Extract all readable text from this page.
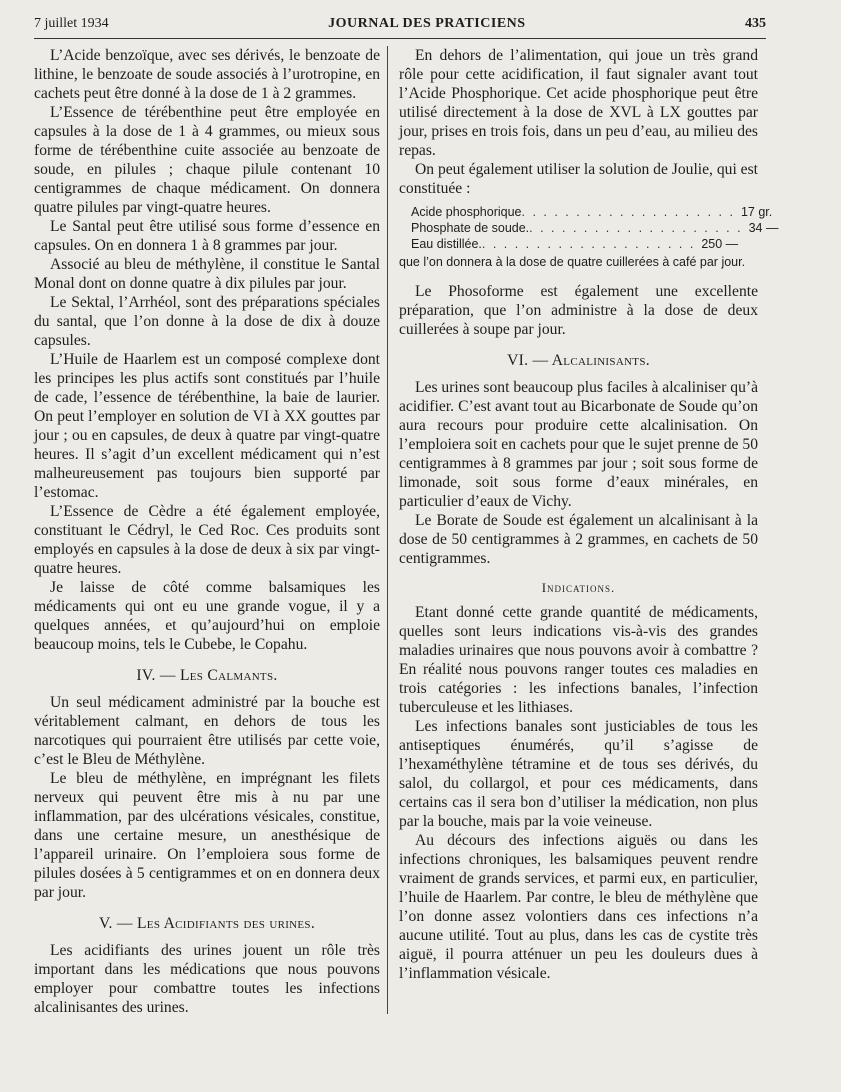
7 juillet 1934	JOURNAL DES PRATICIENS	435

L’Acide benzoïque, avec ses dérivés, le benzoate de lithine, le benzoate de soude associés à l’urotropine, en cachets peut être donné à la dose de 1 à 2 grammes.

L’Essence de térébenthine peut être employée en capsules à la dose de 1 à 4 grammes, ou mieux sous forme de térébenthine cuite associée au benzoate de soude, en pilules ; chaque pilule contenant 10 centigrammes de chaque médicament. On donnera quatre pilules par vingt-quatre heures.

Le Santal peut être utilisé sous forme d’essence en capsules. On en donnera 1 à 8 grammes par jour.

Associé au bleu de méthylène, il constitue le Santal Monal dont on donne quatre à dix pilules par jour.

Le Sektal, l’Arrhéol, sont des préparations spéciales du santal, que l’on donne à la dose de dix à douze capsules.

L’Huile de Haarlem est un composé complexe dont les principes les plus actifs sont constitués par l’huile de cade, l’essence de térébenthine, la baie de laurier. On peut l’employer en solution de VI à XX gouttes par jour ; ou en capsules, de deux à quatre par vingt-quatre heures. Il s’agit d’un excellent médicament qui n’est malheureusement pas toujours bien supporté par l’estomac.

L’Essence de Cèdre a été également employée, constituant le Cédryl, le Ced Roc. Ces produits sont employés en capsules à la dose de deux à six par vingt-quatre heures.

Je laisse de côté comme balsamiques les médicaments qui ont eu une grande vogue, il y a quelques années, et qu’aujourd’hui on emploie beaucoup moins, tels le Cubebe, le Copahu.

IV. — Les Calmants.

Un seul médicament administré par la bouche est véritablement calmant, en dehors de tous les narcotiques qui pourraient être utilisés par cette voie, c’est le Bleu de Méthylène.

Le bleu de méthylène, en imprégnant les filets nerveux qui peuvent être mis à nu par une inflammation, par des ulcérations vésicales, constitue, dans une certaine mesure, un anesthésique de l’appareil urinaire. On l’emploiera sous forme de pilules dosées à 5 centigrammes et on en donnera deux par jour.

V. — Les Acidifiants des urines.

Les acidifiants des urines jouent un rôle très important dans les médications que nous pouvons employer pour combattre toutes les infections alcalinisantes des urines.

En dehors de l’alimentation, qui joue un très grand rôle pour cette acidification, il faut signaler avant tout l’Acide Phosphorique. Cet acide phosphorique peut être utilisé directement à la dose de XVL à LX gouttes par jour, prises en trois fois, dans un peu d’eau, au milieu des repas.

On peut également utiliser la solution de Joulie, qui est constituée :

Acide phosphorique . . . . . . . . . . . . . . . . . . . . 17 gr.
Phosphate de soude. . . . . . . . . . . . . . . . . . . . . 34 —
Eau distillée. . . . . . . . . . . . . . . . . . . . . 250 —
que l’on donnera à la dose de quatre cuillerées à café par jour.

Le Phosoforme est également une excellente préparation, que l’on administre à la dose de deux cuillerées à soupe par jour.

VI. — Alcalinisants.

Les urines sont beaucoup plus faciles à alcaliniser qu’à acidifier. C’est avant tout au Bicarbonate de Soude qu’on aura recours pour produire cette alcalinisation. On l’emploiera soit en cachets pour que le sujet prenne de 50 centigrammes à 8 grammes par jour ; soit sous forme de limonade, soit sous forme d’eaux minérales, en particulier d’eaux de Vichy.

Le Borate de Soude est également un alcalinisant à la dose de 50 centigrammes à 2 grammes, en cachets de 50 centigrammes.

Indications.

Etant donné cette grande quantité de médicaments, quelles sont leurs indications vis-à-vis des grandes maladies urinaires que nous pouvons avoir à combattre ? En réalité nous pouvons ranger toutes ces maladies en trois catégories : les infections banales, l’infection tuberculeuse et les lithiases.

Les infections banales sont justiciables de tous les antiseptiques énumérés, qu’il s’agisse de l’hexaméthylène tétramine et de tous ses dérivés, du salol, du collargol, et pour ces médicaments, dans certains cas il sera bon d’utiliser la médication, non plus par la bouche, mais par la voie veineuse.

Au décours des infections aiguës ou dans les infections chroniques, les balsamiques peuvent rendre vraiment de grands services, et parmi eux, en particulier, l’huile de Haarlem. Par contre, le bleu de méthylène que l’on donne assez volontiers dans ces infections n’a aucune utilité. Tout au plus, dans les cas de cystite très aiguë, il pourra atténuer un peu les douleurs dues à l’inflammation vésicale.
